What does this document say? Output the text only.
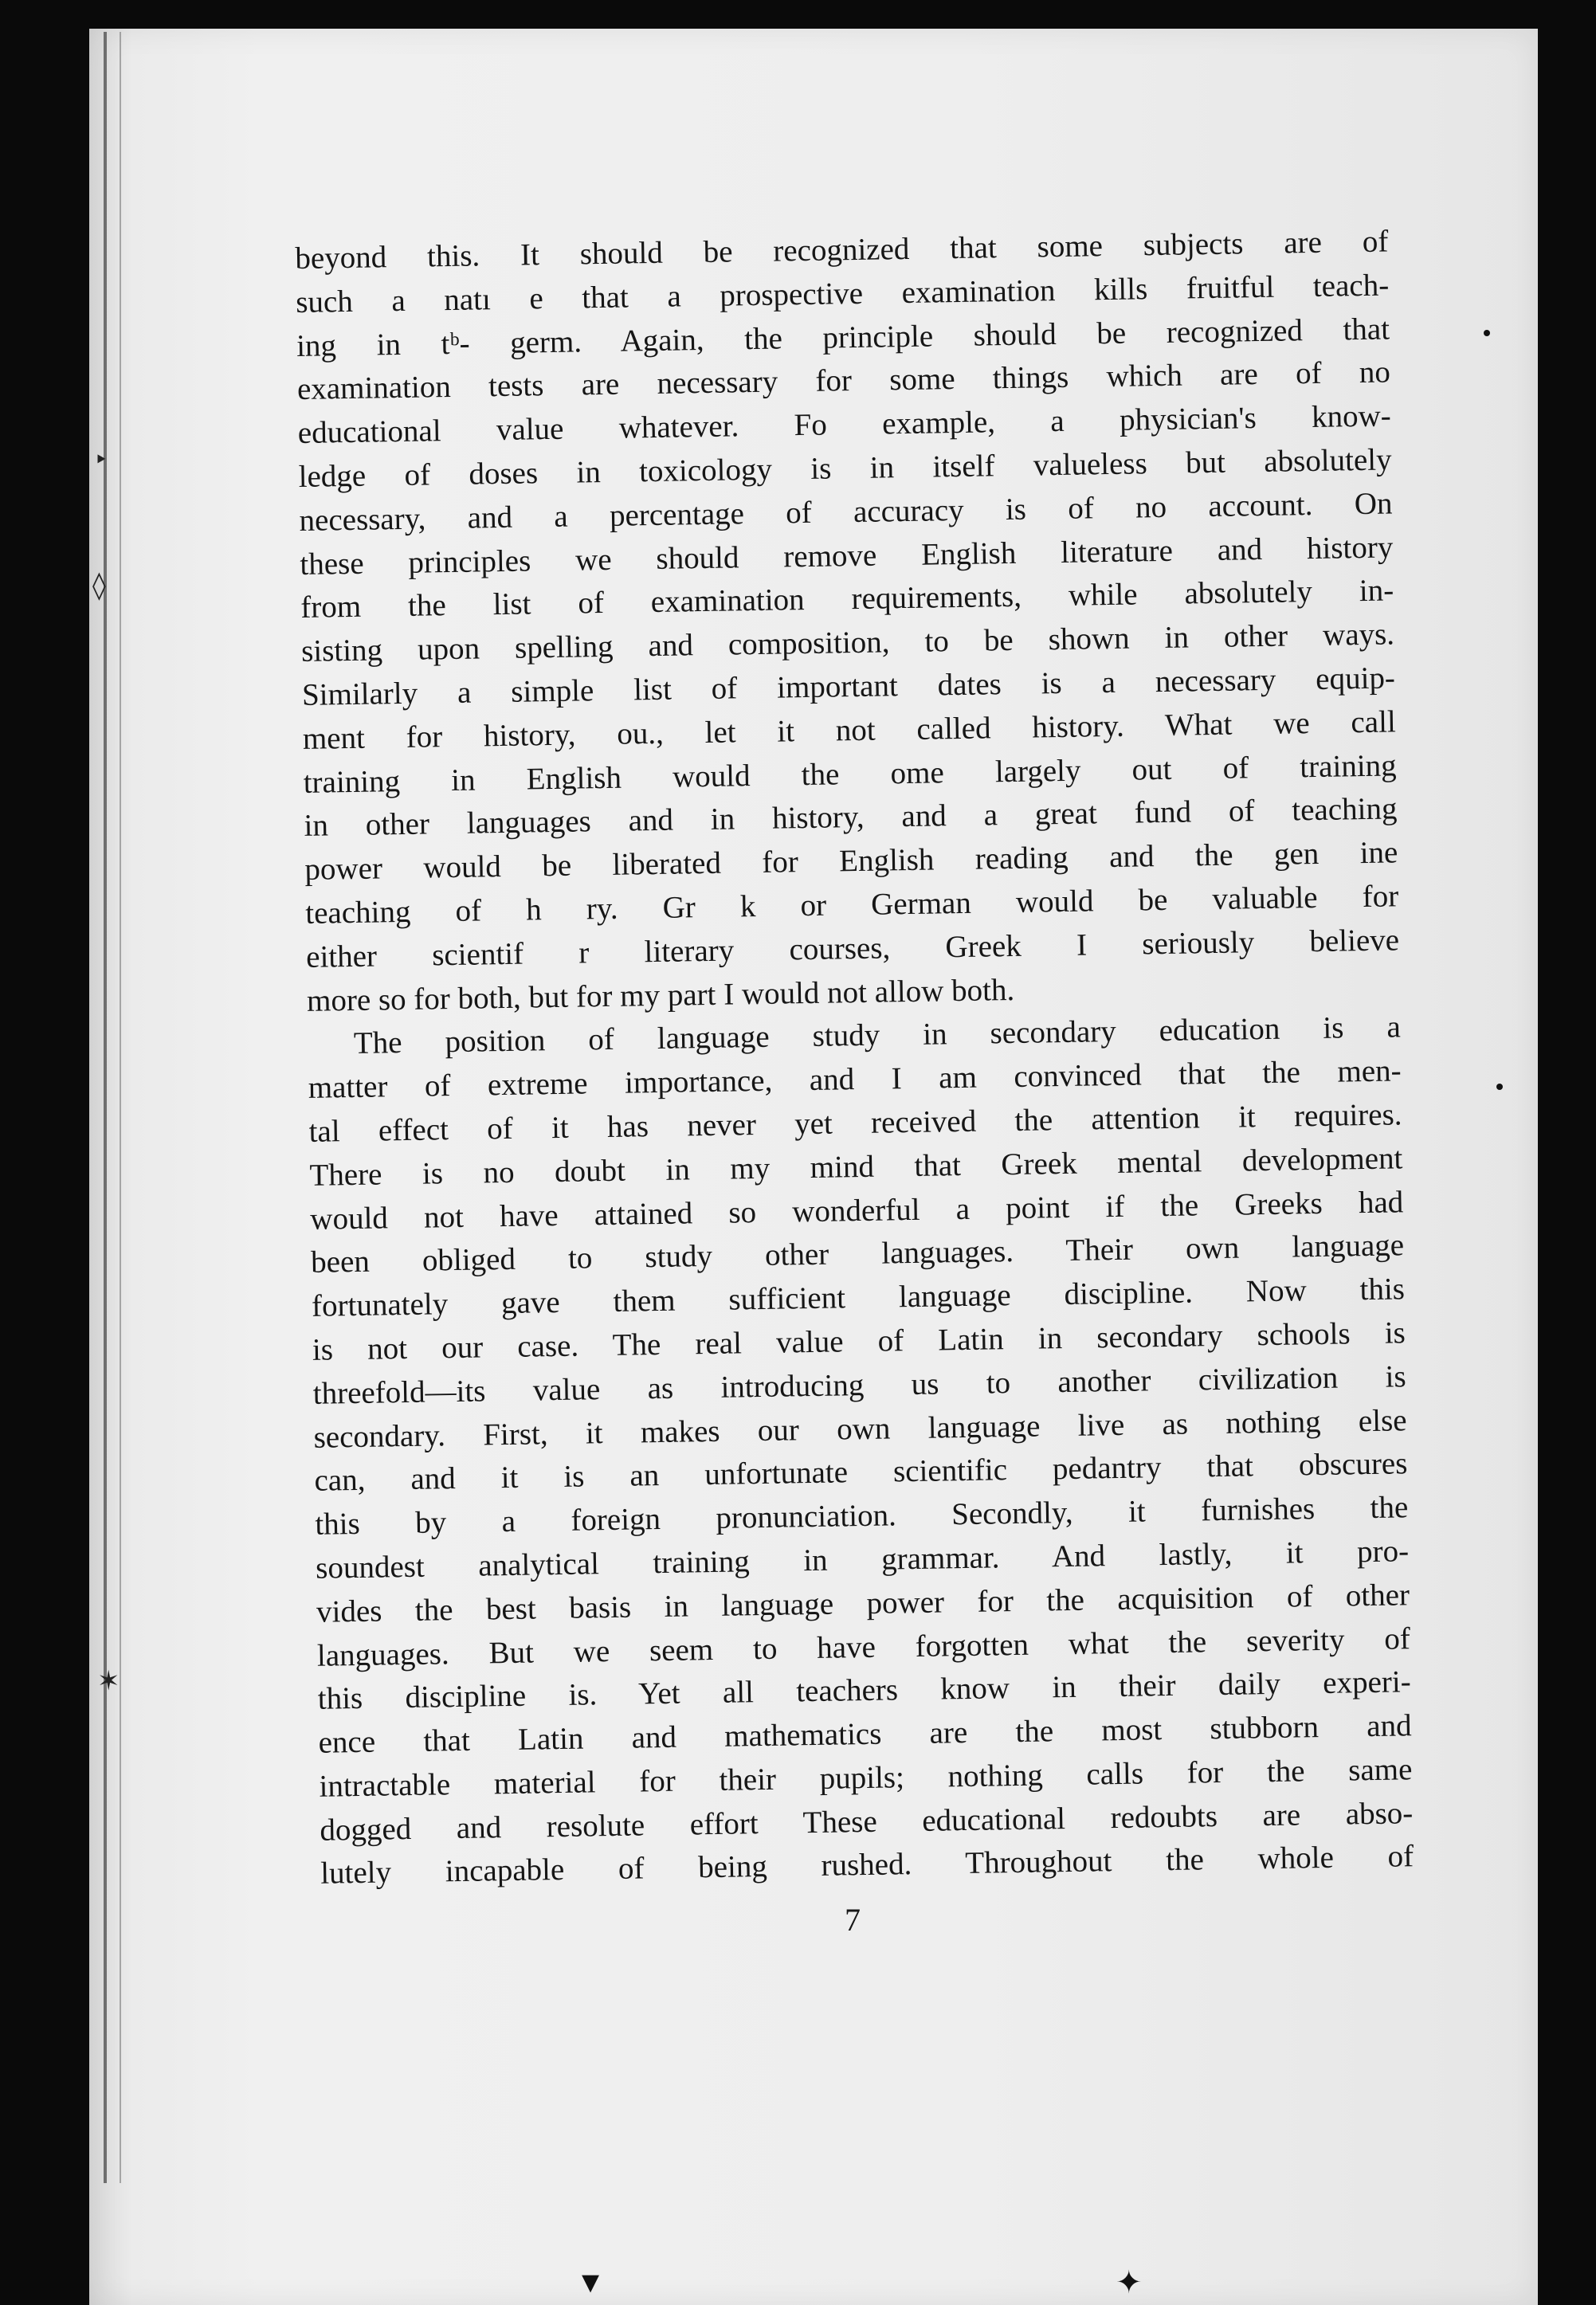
‣
◊
✶
▾	✦
beyond this. It should be recognized that some subjects are of
such a natı e that a prospective examination kills fruitful teach-
ing in tᵇ- germ. Again, the principle should be recognized that
examination tests are necessary for some things which are of no
educational value whatever. Fo example, a physician's know-
ledge of doses in toxicology is in itself valueless but absolutely
necessary, and a percentage of accuracy is of no account. On
these principles we should remove English literature and history
from the list of examination requirements, while absolutely in-
sisting upon spelling and composition, to be shown in other ways.
Similarly a simple list of important dates is a necessary equip-
ment for history, ou., let it not called history. What we call
training in English would the ome largely out of training
in other languages and in history, and a great fund of teaching
power would be liberated for English reading and the gen ine
teaching of h ry. Gr k or German would be valuable for
either scientif r literary courses, Greek I seriously believe
more so for both, but for my part I would not allow both.
The position of language study in secondary education is a
matter of extreme importance, and I am convinced that the men-
tal effect of it has never yet received the attention it requires.
There is no doubt in my mind that Greek mental development
would not have attained so wonderful a point if the Greeks had
been obliged to study other languages. Their own language
fortunately gave them sufficient language discipline. Now this
is not our case. The real value of Latin in secondary schools is
threefold—its value as introducing us to another civilization is
secondary. First, it makes our own language live as nothing else
can, and it is an unfortunate scientific pedantry that obscures
this by a foreign pronunciation. Secondly, it furnishes the
soundest analytical training in grammar. And lastly, it pro-
vides the best basis in language power for the acquisition of other
languages. But we seem to have forgotten what the severity of
this discipline is. Yet all teachers know in their daily experi-
ence that Latin and mathematics are the most stubborn and
intractable material for their pupils; nothing calls for the same
dogged and resolute effort These educational redoubts are abso-
lutely incapable of being rushed. Throughout the whole of
7
